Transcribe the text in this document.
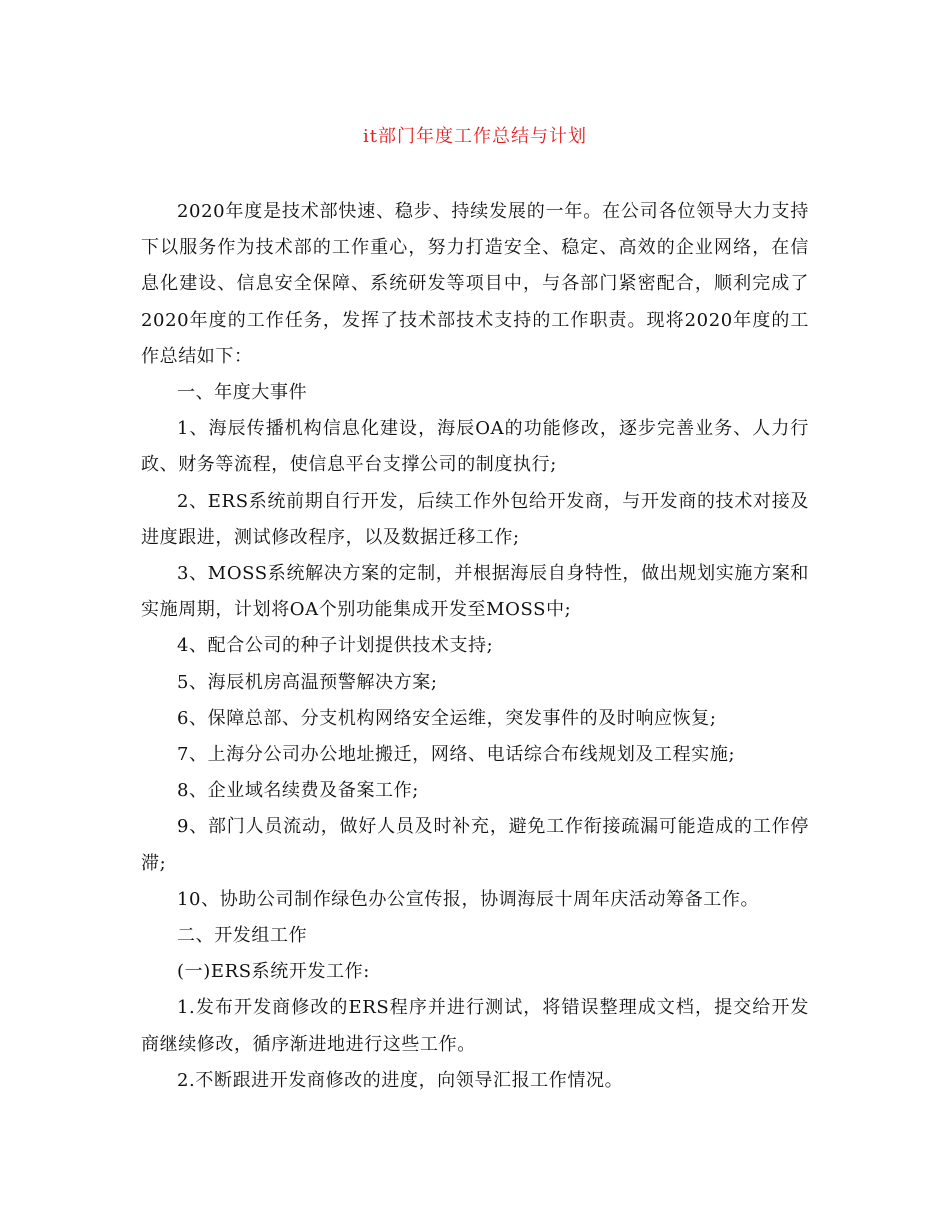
it部门年度工作总结与计划

2020年度是技术部快速、稳步、持续发展的一年。在公司各位领导大力支持下以服务作为技术部的工作重心，努力打造安全、稳定、高效的企业网络，在信息化建设、信息安全保障、系统研发等项目中，与各部门紧密配合，顺利完成了2020年度的工作任务，发挥了技术部技术支持的工作职责。现将2020年度的工作总结如下：

一、年度大事件

1、海辰传播机构信息化建设，海辰OA的功能修改，逐步完善业务、人力行政、财务等流程，使信息平台支撑公司的制度执行;

2、ERS系统前期自行开发，后续工作外包给开发商，与开发商的技术对接及进度跟进，测试修改程序，以及数据迁移工作;

3、MOSS系统解决方案的定制，并根据海辰自身特性，做出规划实施方案和实施周期，计划将OA个别功能集成开发至MOSS中;

4、配合公司的种子计划提供技术支持;

5、海辰机房高温预警解决方案;

6、保障总部、分支机构网络安全运维，突发事件的及时响应恢复;

7、上海分公司办公地址搬迁，网络、电话综合布线规划及工程实施;

8、企业域名续费及备案工作;

9、部门人员流动，做好人员及时补充，避免工作衔接疏漏可能造成的工作停滞;

10、协助公司制作绿色办公宣传报，协调海辰十周年庆活动筹备工作。

二、开发组工作

(一)ERS系统开发工作:

1.发布开发商修改的ERS程序并进行测试，将错误整理成文档，提交给开发商继续修改，循序渐进地进行这些工作。

2.不断跟进开发商修改的进度，向领导汇报工作情况。
